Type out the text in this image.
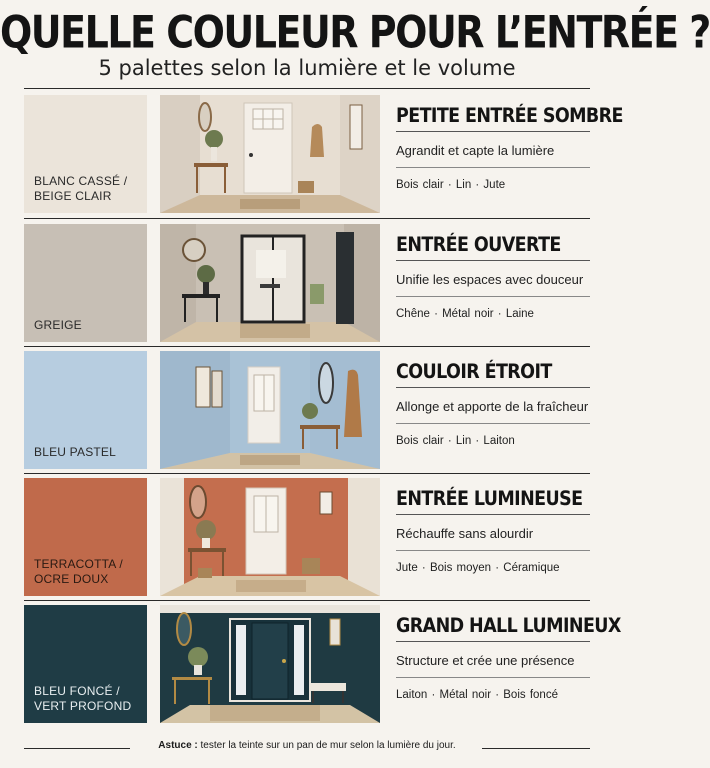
QUELLE COULEUR POUR L’ENTRÉE ?
5 palettes selon la lumière et le volume
BLANC CASSÉ /
BEIGE CLAIR
PETITE ENTRÉE SOMBRE
Agrandit et capte la lumière
Bois clair · Lin · Jute
GREIGE
ENTRÉE OUVERTE
Unifie les espaces avec douceur
Chêne · Métal noir · Laine
BLEU PASTEL
COULOIR ÉTROIT
Allonge et apporte de la fraîcheur
Bois clair · Lin · Laiton
TERRACOTTA /
OCRE DOUX
ENTRÉE LUMINEUSE
Réchauffe sans alourdir
Jute · Bois moyen · Céramique
BLEU FONCÉ /
VERT PROFOND
GRAND HALL LUMINEUX
Structure et crée une présence
Laiton · Métal noir · Bois foncé
Astuce : tester la teinte sur un pan de mur selon la lumière du jour.
